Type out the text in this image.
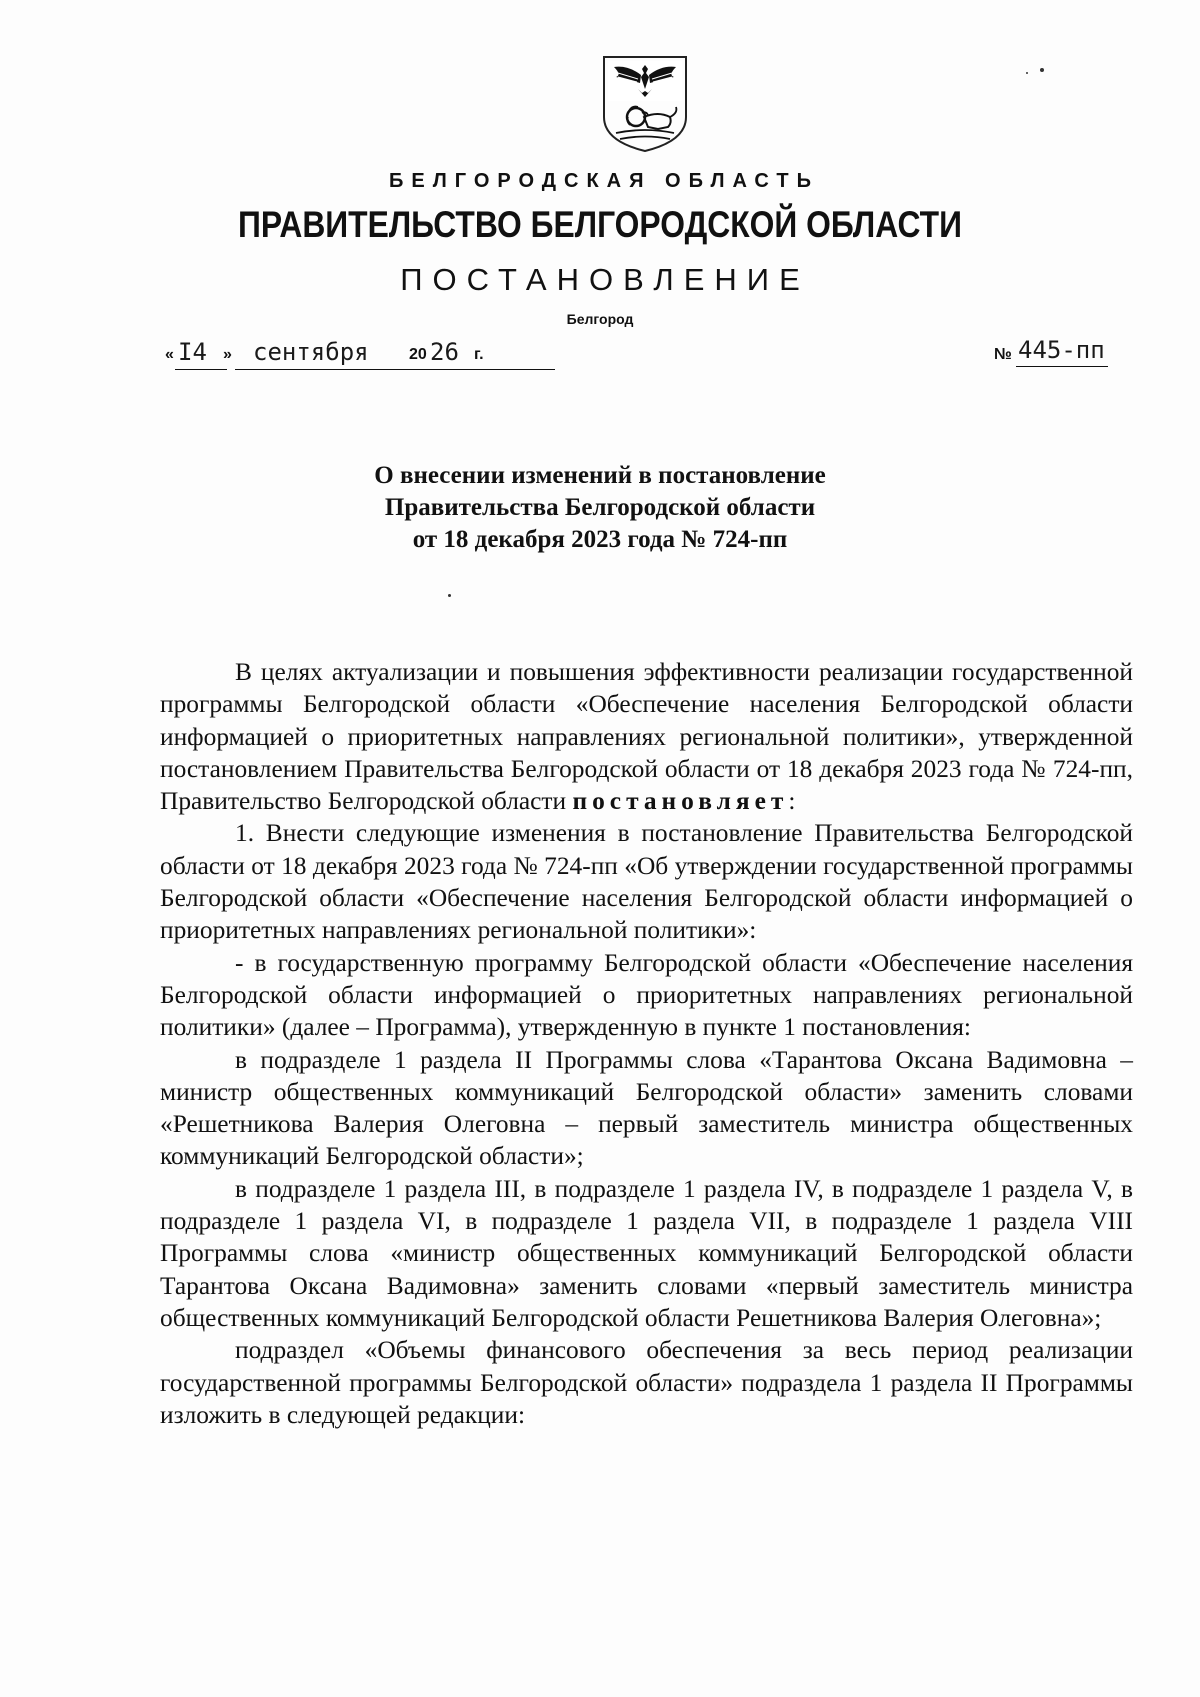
БЕЛГОРОДСКАЯ ОБЛАСТЬ
ПРАВИТЕЛЬСТВО БЕЛГОРОДСКОЙ ОБЛАСТИ
ПОСТАНОВЛЕНИЕ
Белгород
« I4 » сентября	20 26 г.	№ 445-пп
О внесении изменений в постановление
Правительства Белгородской области
от 18 декабря 2023 года № 724-пп

В целях актуализации и повышения эффективности реализации государственной программы Белгородской области «Обеспечение населения Белгородской области информацией о приоритетных направлениях региональной политики», утвержденной постановлением Правительства Белгородской области от 18 декабря 2023 года № 724-пп, Правительство Белгородской области постановляет:

1. Внести следующие изменения в постановление Правительства Белгородской области от 18 декабря 2023 года № 724-пп «Об утверждении государственной программы Белгородской области «Обеспечение населения Белгородской области информацией о приоритетных направлениях региональной политики»:

- в государственную программу Белгородской области «Обеспечение населения Белгородской области информацией о приоритетных направлениях региональной политики» (далее – Программа), утвержденную в пункте 1 постановления:

в подразделе 1 раздела II Программы слова «Тарантова Оксана Вадимовна – министр общественных коммуникаций Белгородской области» заменить словами «Решетникова Валерия Олеговна – первый заместитель министра общественных коммуникаций Белгородской области»;

в подразделе 1 раздела III, в подразделе 1 раздела IV, в подразделе 1 раздела V, в подразделе 1 раздела VI, в подразделе 1 раздела VII, в подразделе 1 раздела VIII Программы слова «министр общественных коммуникаций Белгородской области Тарантова Оксана Вадимовна» заменить словами «первый заместитель министра общественных коммуникаций Белгородской области Решетникова Валерия Олеговна»;

подраздел «Объемы финансового обеспечения за весь период реализации государственной программы Белгородской области» подраздела 1 раздела II Программы изложить в следующей редакции:
